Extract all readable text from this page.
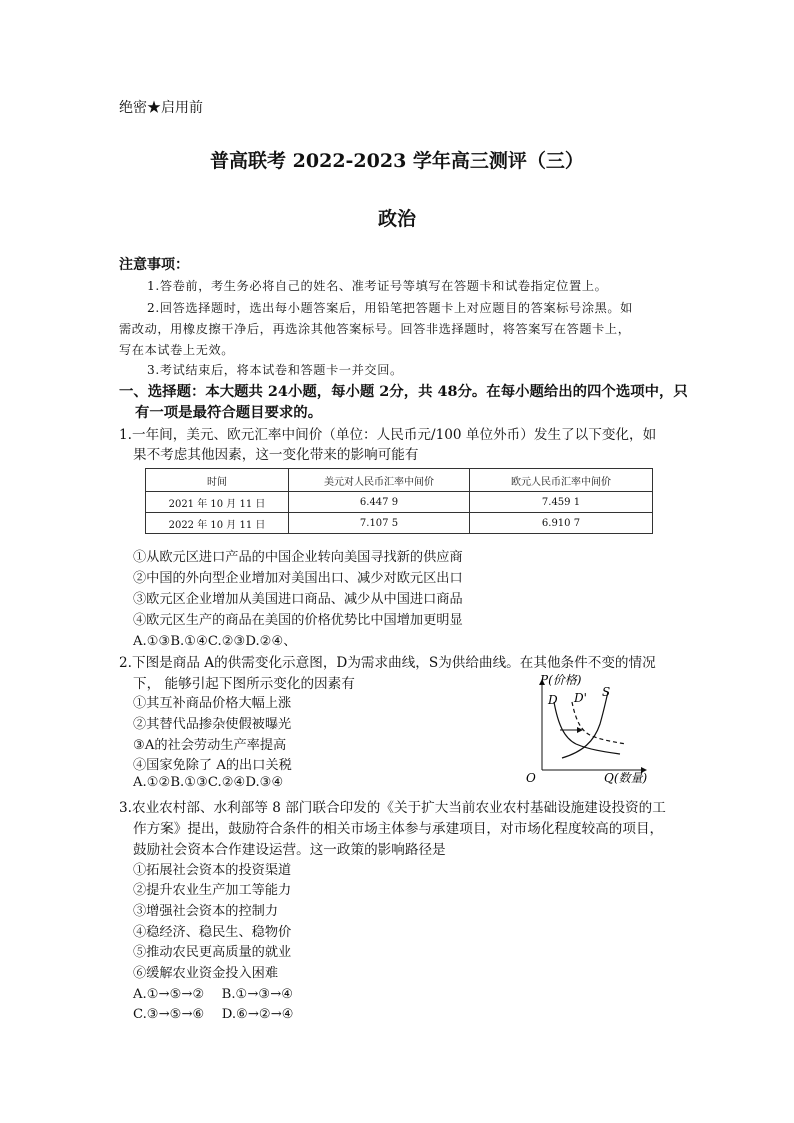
绝密★启用前
普高联考 2022-2023 学年高三测评（三）
政治
注意事项：
1.答卷前，考生务必将自己的姓名、准考证号等填写在答题卡和试卷指定位置上。
2.回答选择题时，选出每小题答案后，用铅笔把答题卡上对应题目的答案标号涂黑。如
需改动，用橡皮擦干净后，再选涂其他答案标号。回答非选择题时，将答案写在答题卡上，
写在本试卷上无效。
3.考试结束后，将本试卷和答题卡一并交回。
一、选择题：本大题共 24小题，每小题 2分，共 48分。在每小题给出的四个选项中，只
有一项是最符合题目要求的。
1.一年间，美元、欧元汇率中间价（单位：人民币元/100 单位外币）发生了以下变化，如
果不考虑其他因素，这一变化带来的影响可能有
时间	美元对人民币汇率中间价	欧元人民币汇率中间价
2021 年 10 月 11 日	6.447 9	7.459 1
2022 年 10 月 11 日	7.107 5	6.910 7
①从欧元区进口产品的中国企业转向美国寻找新的供应商
②中国的外向型企业增加对美国出口、减少对欧元区出口
③欧元区企业增加从美国进口商品、减少从中国进口商品
④欧元区生产的商品在美国的价格优势比中国增加更明显
A.①③B.①④C.②③D.②④、
2.下图是商品 A的供需变化示意图，D为需求曲线，S为供给曲线。在其他条件不变的情况
下， 能够引起下图所示变化的因素有
①其互补商品价格大幅上涨
②其替代品掺杂使假被曝光
③A的社会劳动生产率提高
④国家免除了 A的出口关税
A.①②B.①③C.②④D.③④
P(价格)
Q(数量)
O
D D' S
3.农业农村部、水利部等 8 部门联合印发的《关于扩大当前农业农村基础设施建设投资的工
作方案》提出，鼓励符合条件的相关市场主体参与承建项目，对市场化程度较高的项目，
鼓励社会资本合作建设运营。这一政策的影响路径是
①拓展社会资本的投资渠道
②提升农业生产加工等能力
③增强社会资本的控制力
④稳经济、稳民生、稳物价
⑤推动农民更高质量的就业
⑥缓解农业资金投入困难
A.①→⑤→②　 B.①→③→④
C.③→⑤→⑥　 D.⑥→②→④
